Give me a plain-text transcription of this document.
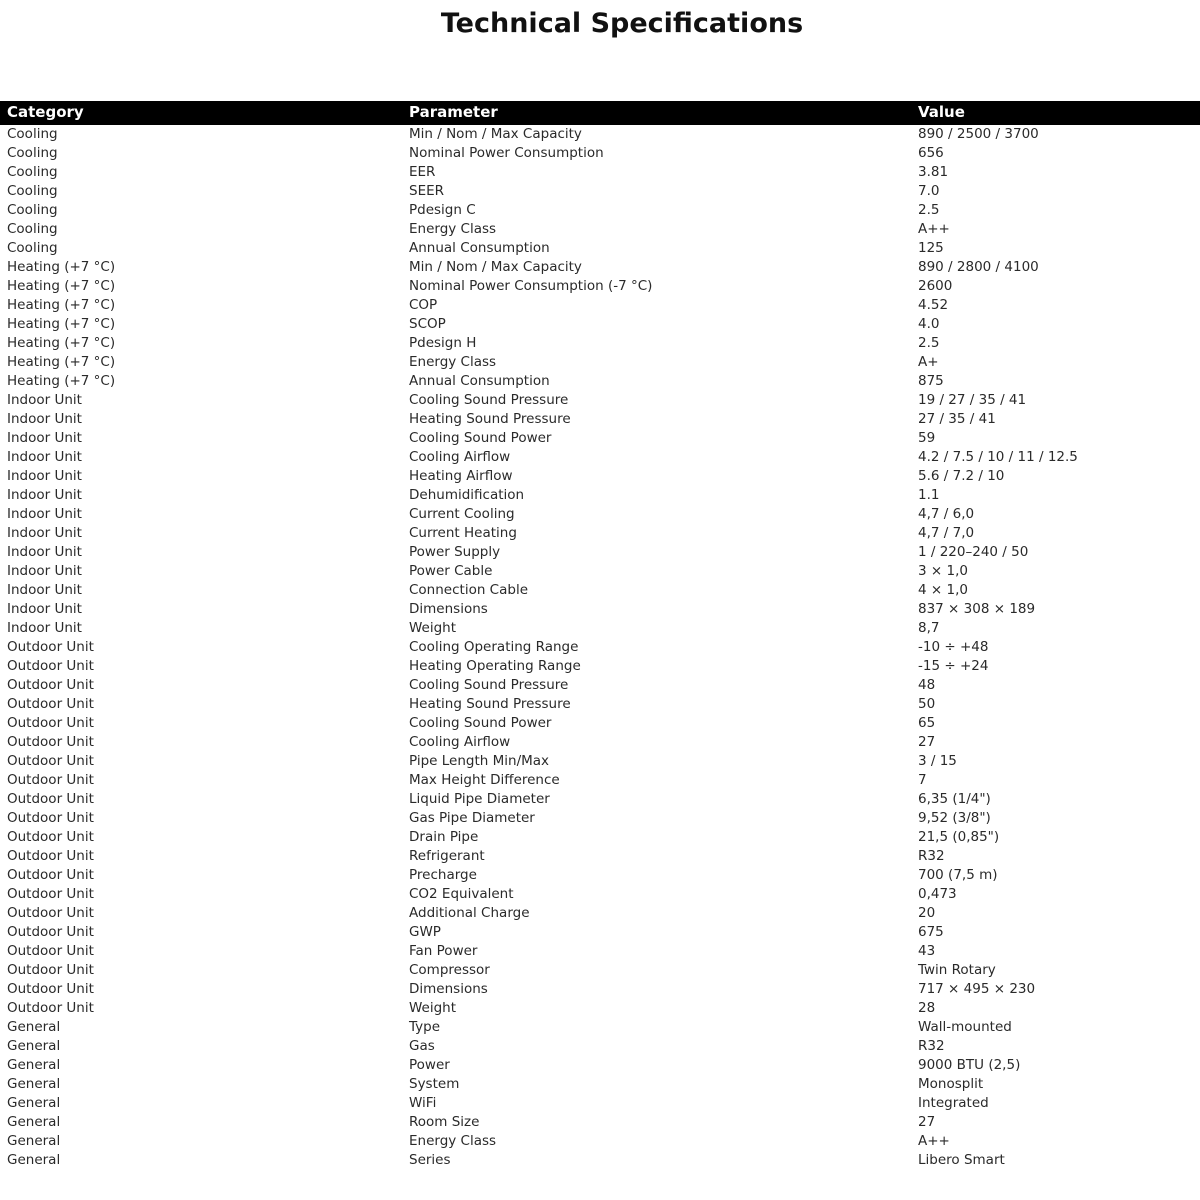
Technical Specifications
Category	Parameter	Value
Cooling	Min / Nom / Max Capacity	890 / 2500 / 3700
Cooling	Nominal Power Consumption	656
Cooling	EER	3.81
Cooling	SEER	7.0
Cooling	Pdesign C	2.5
Cooling	Energy Class	A++
Cooling	Annual Consumption	125
Heating (+7 °C)	Min / Nom / Max Capacity	890 / 2800 / 4100
Heating (+7 °C)	Nominal Power Consumption (-7 °C)	2600
Heating (+7 °C)	COP	4.52
Heating (+7 °C)	SCOP	4.0
Heating (+7 °C)	Pdesign H	2.5
Heating (+7 °C)	Energy Class	A+
Heating (+7 °C)	Annual Consumption	875
Indoor Unit	Cooling Sound Pressure	19 / 27 / 35 / 41
Indoor Unit	Heating Sound Pressure	27 / 35 / 41
Indoor Unit	Cooling Sound Power	59
Indoor Unit	Cooling Airflow	4.2 / 7.5 / 10 / 11 / 12.5
Indoor Unit	Heating Airflow	5.6 / 7.2 / 10
Indoor Unit	Dehumidification	1.1
Indoor Unit	Current Cooling	4,7 / 6,0
Indoor Unit	Current Heating	4,7 / 7,0
Indoor Unit	Power Supply	1 / 220–240 / 50
Indoor Unit	Power Cable	3 × 1,0
Indoor Unit	Connection Cable	4 × 1,0
Indoor Unit	Dimensions	837 × 308 × 189
Indoor Unit	Weight	8,7
Outdoor Unit	Cooling Operating Range	-10 ÷ +48
Outdoor Unit	Heating Operating Range	-15 ÷ +24
Outdoor Unit	Cooling Sound Pressure	48
Outdoor Unit	Heating Sound Pressure	50
Outdoor Unit	Cooling Sound Power	65
Outdoor Unit	Cooling Airflow	27
Outdoor Unit	Pipe Length Min/Max	3 / 15
Outdoor Unit	Max Height Difference	7
Outdoor Unit	Liquid Pipe Diameter	6,35 (1/4")
Outdoor Unit	Gas Pipe Diameter	9,52 (3/8")
Outdoor Unit	Drain Pipe	21,5 (0,85")
Outdoor Unit	Refrigerant	R32
Outdoor Unit	Precharge	700 (7,5 m)
Outdoor Unit	CO2 Equivalent	0,473
Outdoor Unit	Additional Charge	20
Outdoor Unit	GWP	675
Outdoor Unit	Fan Power	43
Outdoor Unit	Compressor	Twin Rotary
Outdoor Unit	Dimensions	717 × 495 × 230
Outdoor Unit	Weight	28
General	Type	Wall-mounted
General	Gas	R32
General	Power	9000 BTU (2,5)
General	System	Monosplit
General	WiFi	Integrated
General	Room Size	27
General	Energy Class	A++
General	Series	Libero Smart
